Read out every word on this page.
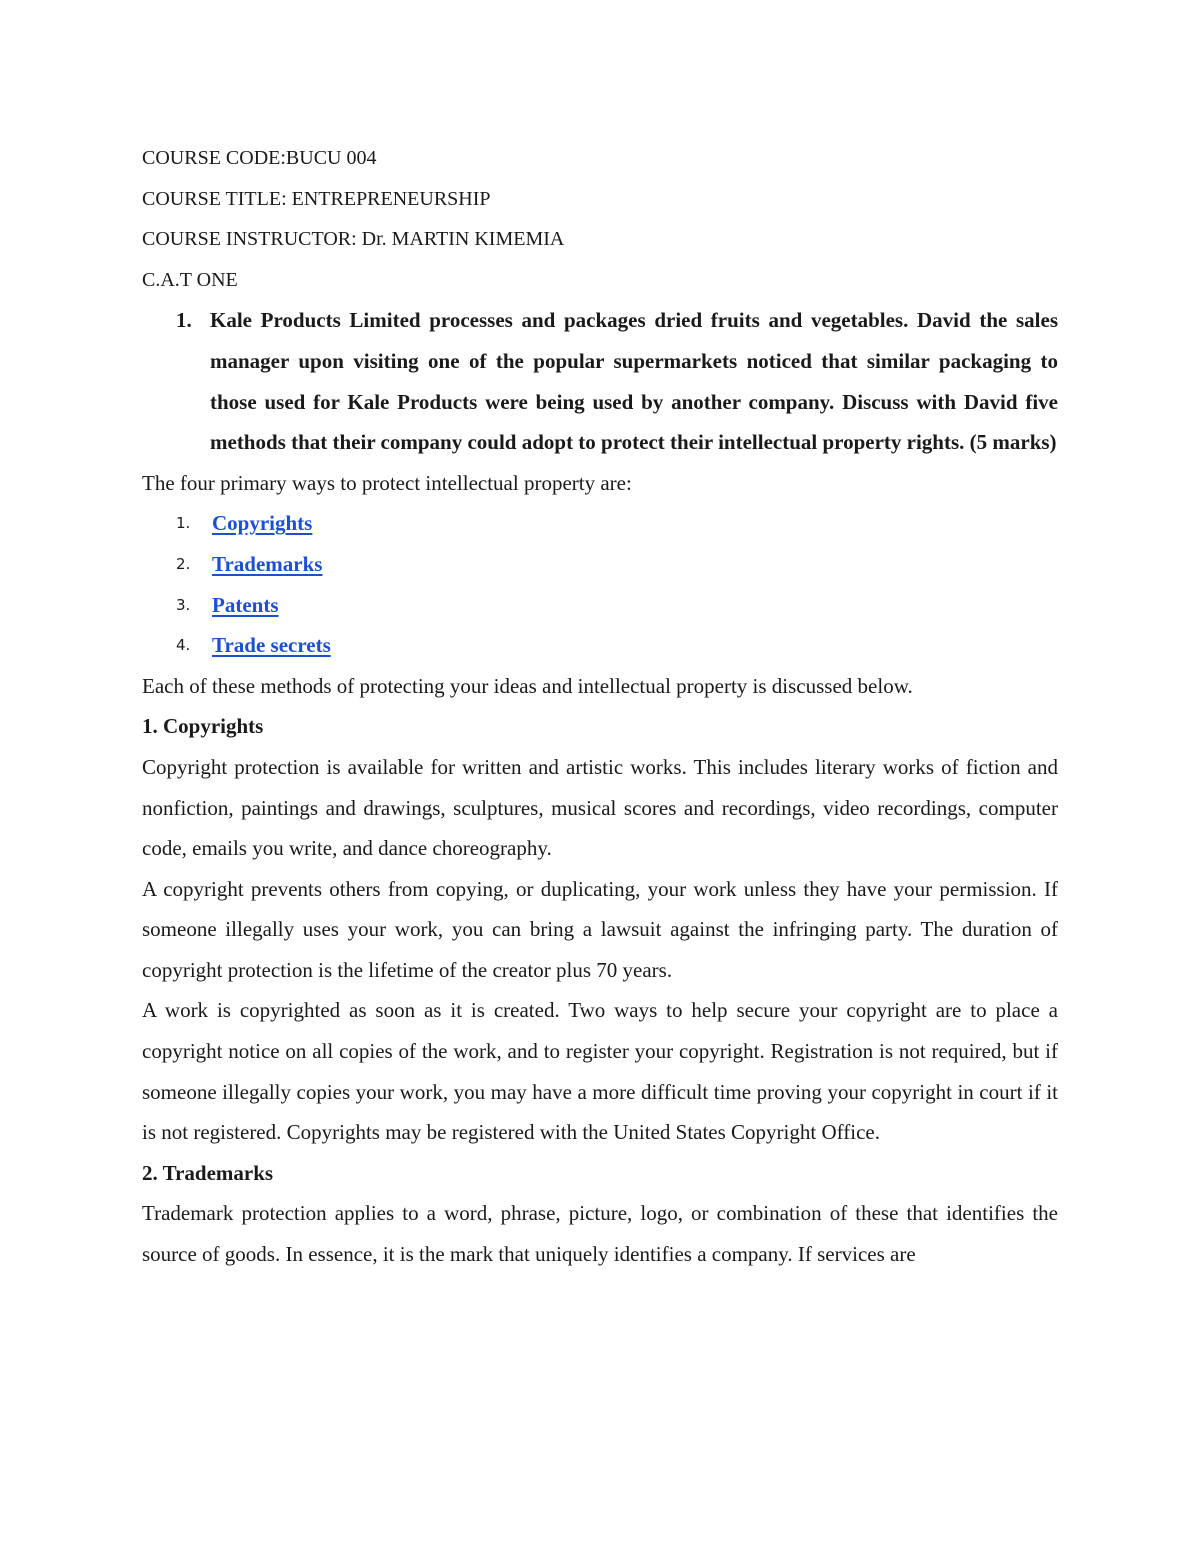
COURSE CODE:BUCU 004

COURSE TITLE: ENTREPRENEURSHIP

COURSE INSTRUCTOR: Dr. MARTIN KIMEMIA

C.A.T ONE

1. Kale Products Limited processes and packages dried fruits and vegetables. David the sales manager upon visiting one of the popular supermarkets noticed that similar packaging to those used for Kale Products were being used by another company. Discuss with David five methods that their company could adopt to protect their intellectual property rights. (5 marks)

The four primary ways to protect intellectual property are:

1.	Copyrights
2.	Trademarks
3.	Patents
4.	Trade secrets

Each of these methods of protecting your ideas and intellectual property is discussed below.

1. Copyrights

Copyright protection is available for written and artistic works. This includes literary works of fiction and nonfiction, paintings and drawings, sculptures, musical scores and recordings, video recordings, computer code, emails you write, and dance choreography.

A copyright prevents others from copying, or duplicating, your work unless they have your permission. If someone illegally uses your work, you can bring a lawsuit against the infringing party. The duration of copyright protection is the lifetime of the creator plus 70 years.

A work is copyrighted as soon as it is created. Two ways to help secure your copyright are to place a copyright notice on all copies of the work, and to register your copyright. Registration is not required, but if someone illegally copies your work, you may have a more difficult time proving your copyright in court if it is not registered. Copyrights may be registered with the United States Copyright Office.

2. Trademarks

Trademark protection applies to a word, phrase, picture, logo, or combination of these that identifies the source of goods. In essence, it is the mark that uniquely identifies a company. If services are
